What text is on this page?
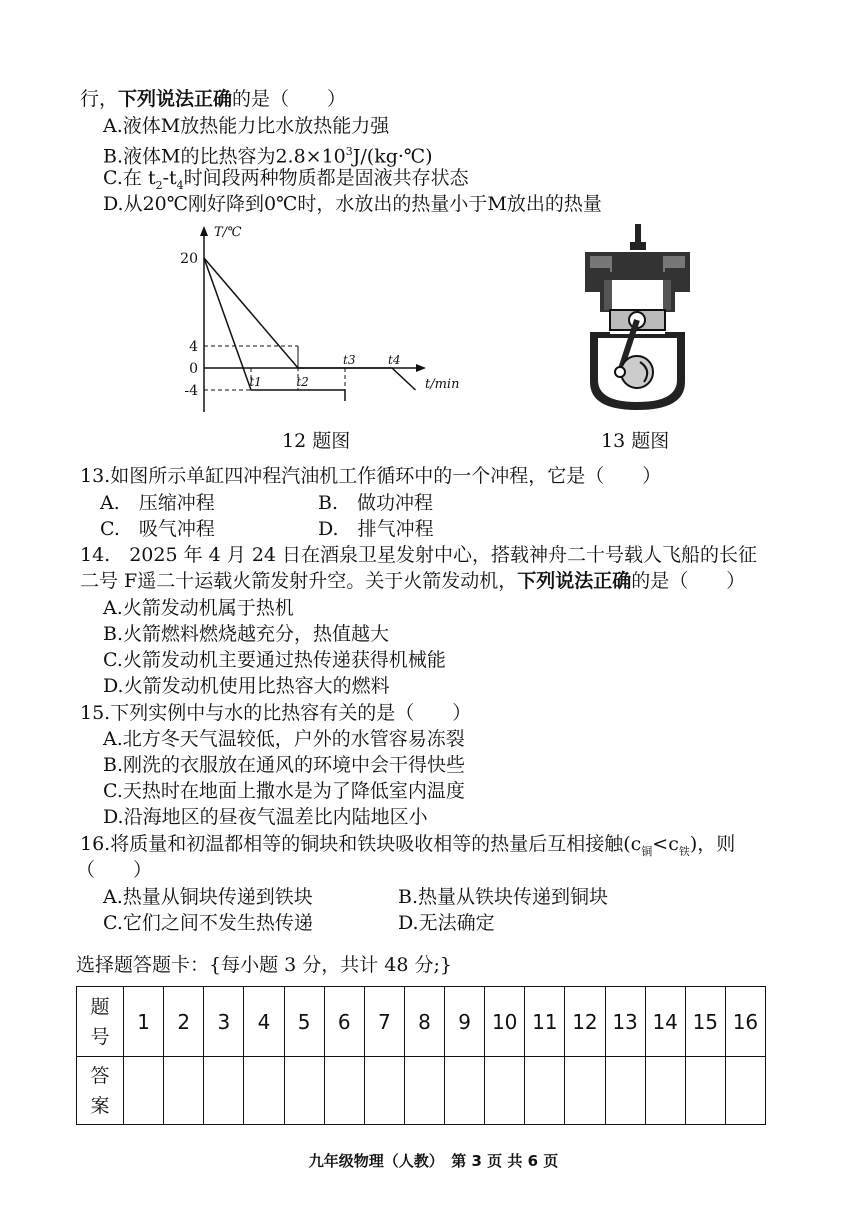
行，下列说法正确的是（　　）
A.液体M放热能力比水放热能力强
B.液体M的比热容为$2.8\times 10^3J/(kg\cdot℃)$
C.在 $t_2-t_4$时间段两种物质都是固液共存状态
D.从20℃刚好降到0℃时，水放出的热量小于M放出的热量
20
4
0
-4
t1	t2
t3	t4
T/℃
t/min
12 题图	13 题图
13.如图所示单缸四冲程汽油机工作循环中的一个冲程，它是（　　）
A.　压缩冲程	B.　做功冲程
C.　吸气冲程	D.　排气冲程
14.　2025 年 4 月 24 日在酒泉卫星发射中心，搭载神舟二十号载人飞船的长征
二号 F遥二十运载火箭发射升空。关于火箭发动机，下列说法正确的是（　　）
A.火箭发动机属于热机
B.火箭燃料燃烧越充分，热值越大
C.火箭发动机主要通过热传递获得机械能
D.火箭发动机使用比热容大的燃料
15.下列实例中与水的比热容有关的是（　　）
A.北方冬天气温较低，户外的水管容易冻裂
B.刚洗的衣服放在通风的环境中会干得快些
C.天热时在地面上撒水是为了降低室内温度
D.沿海地区的昼夜气温差比内陆地区小
16.将质量和初温都相等的铜块和铁块吸收相等的热量后互相接触$(c_铜<c_铁)$，则
（　　）
A.热量从铜块传递到铁块	B.热量从铁块传递到铜块
C.它们之间不发生热传递	D.无法确定
选择题答题卡：{每小题 3 分，共计 48 分;}
题
号	1	2	3	4	5	6	7	8	9	10	11	12	13	14	15	16
答
案																
九年级物理（人教）　第 3 页 共 6 页
